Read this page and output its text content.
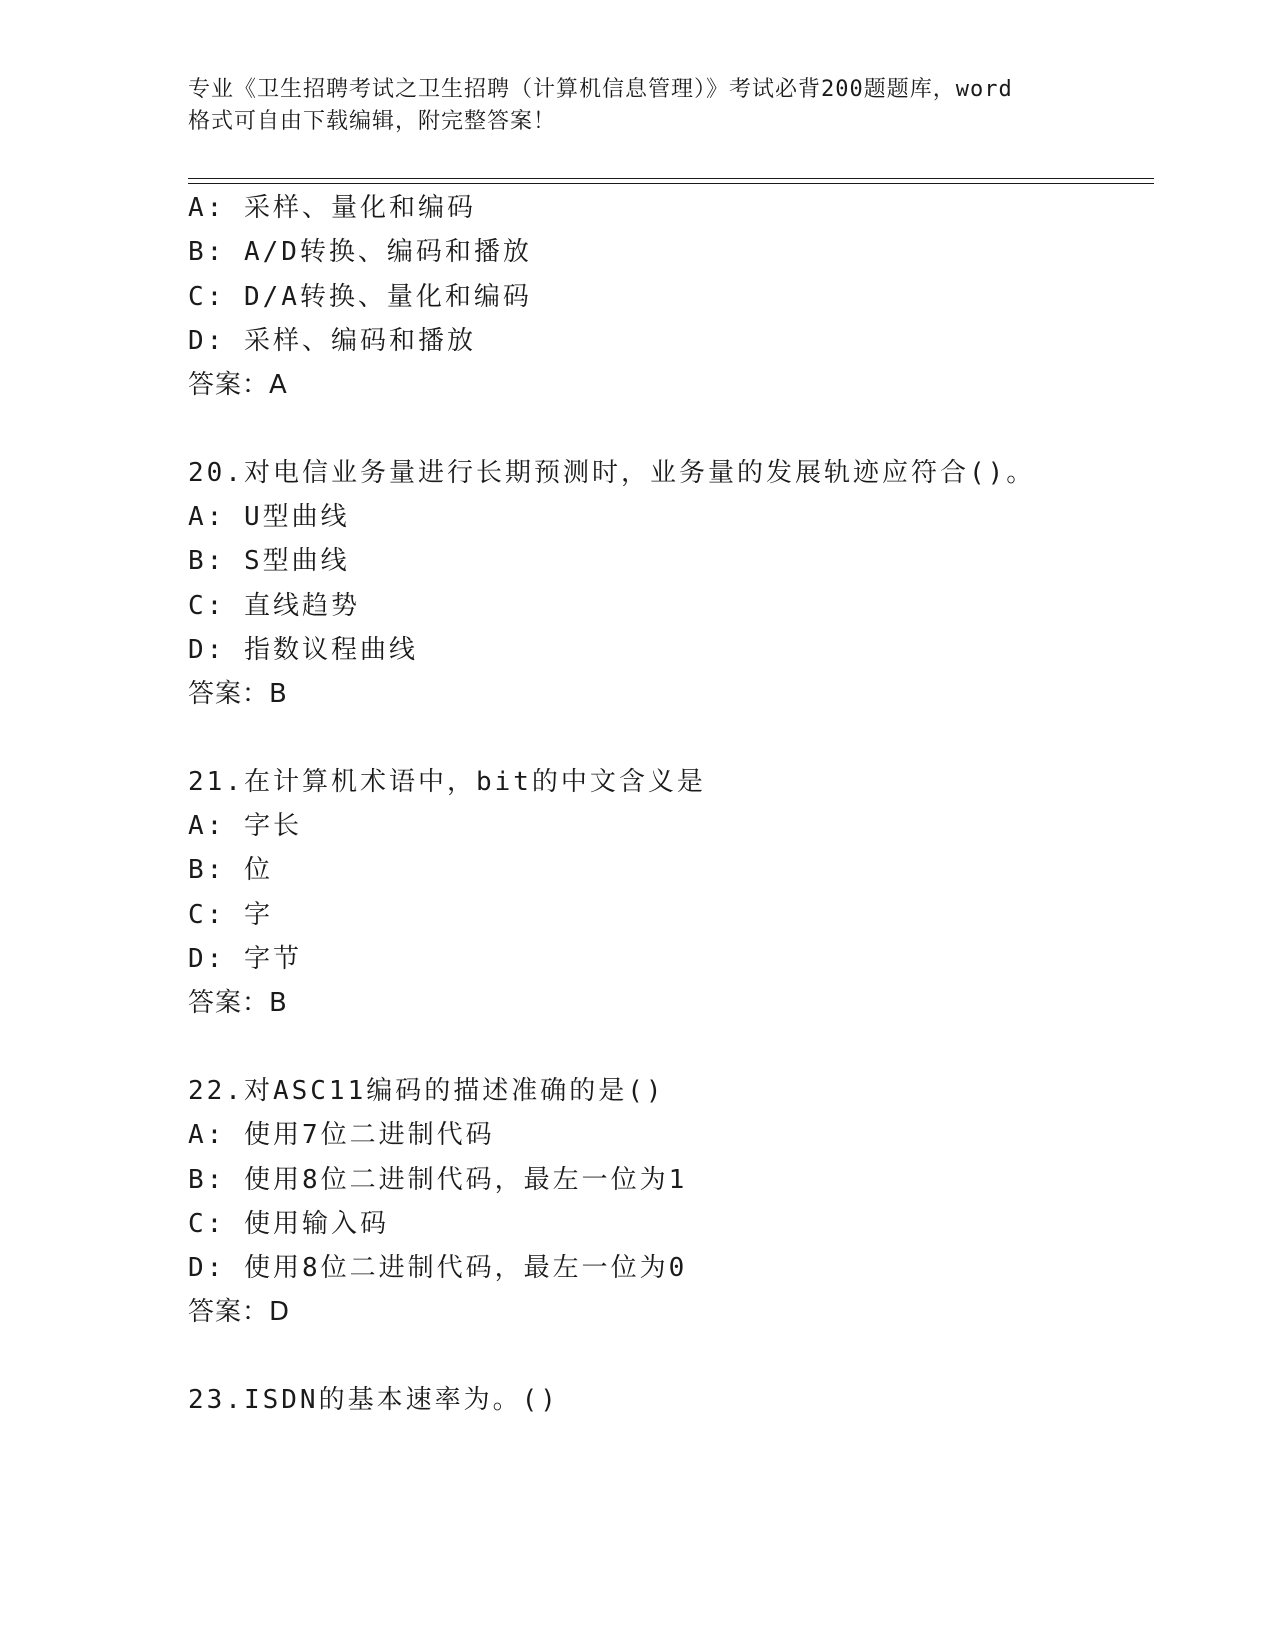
专业《卫生招聘考试之卫生招聘（计算机信息管理）》考试必背200题题库，word
格式可自由下载编辑，附完整答案！
A: 采样、量化和编码
B: A/D转换、编码和播放
C: D/A转换、量化和编码
D: 采样、编码和播放
答案：A
20.对电信业务量进行长期预测时，业务量的发展轨迹应符合()。
A: U型曲线
B: S型曲线
C: 直线趋势
D: 指数议程曲线
答案：B
21.在计算机术语中，bit的中文含义是
A: 字长
B: 位
C: 字
D: 字节
答案：B
22.对ASC11编码的描述准确的是()
A: 使用7位二进制代码
B: 使用8位二进制代码，最左一位为1
C: 使用输入码
D: 使用8位二进制代码，最左一位为0
答案：D
23.ISDN的基本速率为。()
